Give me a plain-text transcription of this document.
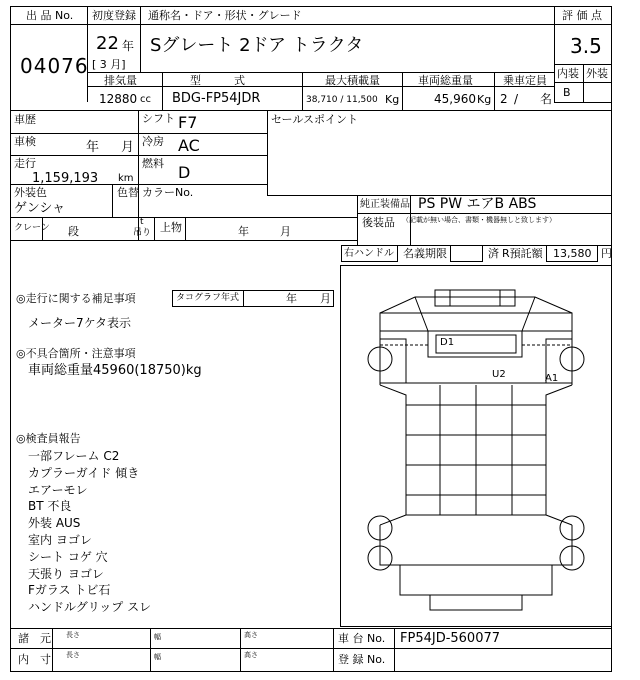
出 品 No.
04076
初度登録
22 年
[ 3 月]
通称名・ドア・形状・グレード
Sグレート 2ドア トラクタ
評 価 点
3.5
内装 外装
B
排気量	型　　　式	最大積載量	車両総重量	乗車定員
12880 cc BDG-FP54JDR	38,710 / 11,500 Kg	45,960 Kg 2 / 名
車歴
車検	年 月
走行
1,159,193 km
シフト F7
冷房 AC
燃料 D
セールスポイント
外装色
ゲンシャ
色替 カラーNo.
純正装備品 PS PW エアB ABS
後装品 （記載が無い場合、書類・機器無しと致します）
クレーン 段
t
吊り 上物	年	月
右ハンドル 名義期限	済 R預託額 13,580 円
◎走行に関する補足事項	タコグラフ年式	年 月
メーター7ケタ表示
◎不具合箇所・注意事項
車両総重量45960(18750)kg
◎検査員報告
一部フレーム C2
カプラーガイド 傾き
エアーモレ
BT 不良
外装 AUS
室内 ヨゴレ
シート コゲ 穴
天張り ヨゴレ
Fガラス トビ石
ハンドルグリップ スレ
D1
U2	A1
諸　元
内　寸
長さ	幅	高さ
長さ	幅	高さ
車 台 No. FP54JD-560077
登 録 No.
